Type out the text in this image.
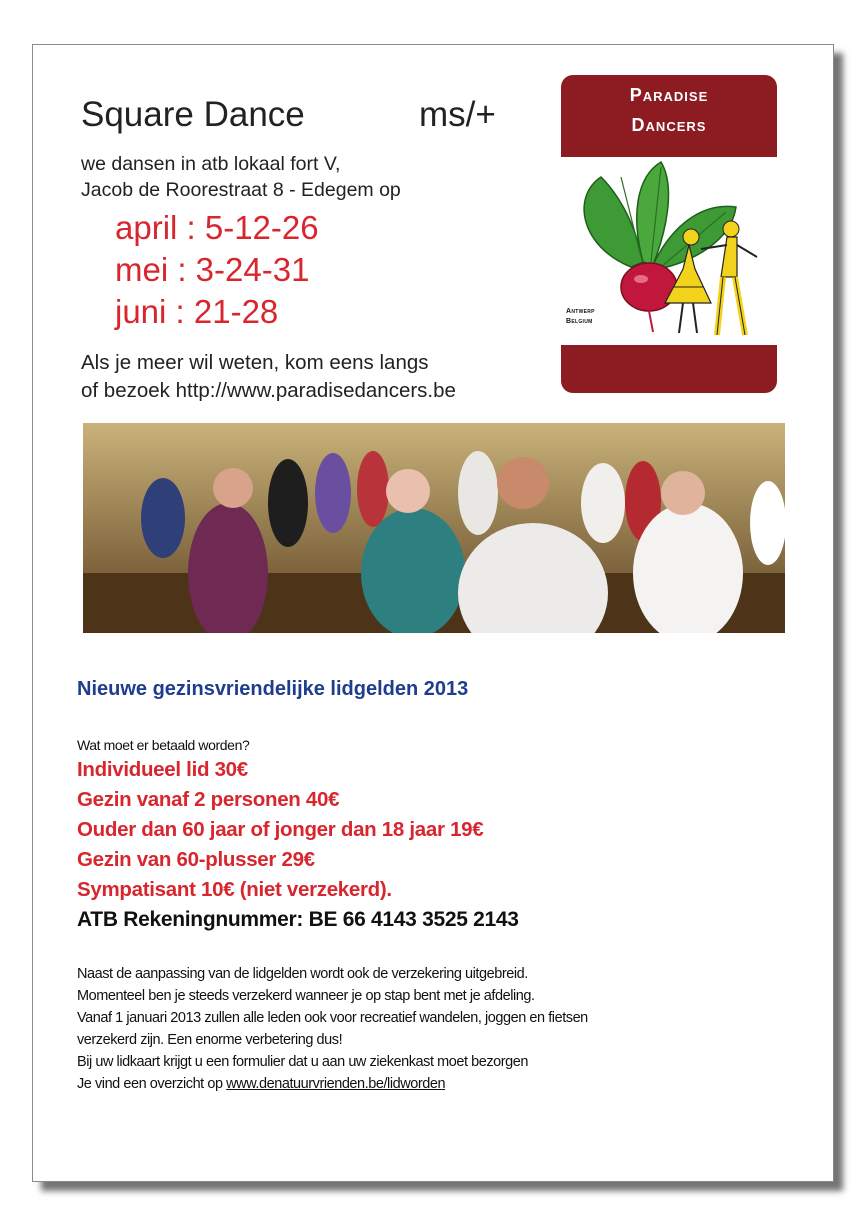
Square Dance	ms/+
we dansen in atb lokaal fort V,
Jacob de Roorestraat 8 - Edegem op
april : 5-12-26
mei : 3-24-31
juni : 21-28
Als je meer wil weten, kom eens langs
of bezoek http://www.paradisedancers.be
Paradise
Dancers
Antwerp
Belgium
Nieuwe gezinsvriendelijke lidgelden 2013
Wat moet er betaald worden?
Individueel lid 30€
Gezin vanaf 2 personen 40€
Ouder dan 60 jaar of jonger dan 18 jaar 19€
Gezin van 60-plusser 29€
Sympatisant 10€ (niet verzekerd).
ATB Rekeningnummer: BE 66 4143 3525 2143
Naast de aanpassing van de lidgelden wordt ook de verzekering uitgebreid.
Momenteel ben je steeds verzekerd wanneer je op stap bent met je afdeling.
Vanaf 1 januari 2013 zullen alle leden ook voor recreatief wandelen, joggen en fietsen
verzekerd zijn. Een enorme verbetering dus!
Bij uw lidkaart krijgt u een formulier dat u aan uw ziekenkast moet bezorgen
Je vind een overzicht op www.denatuurvrienden.be/lidworden
